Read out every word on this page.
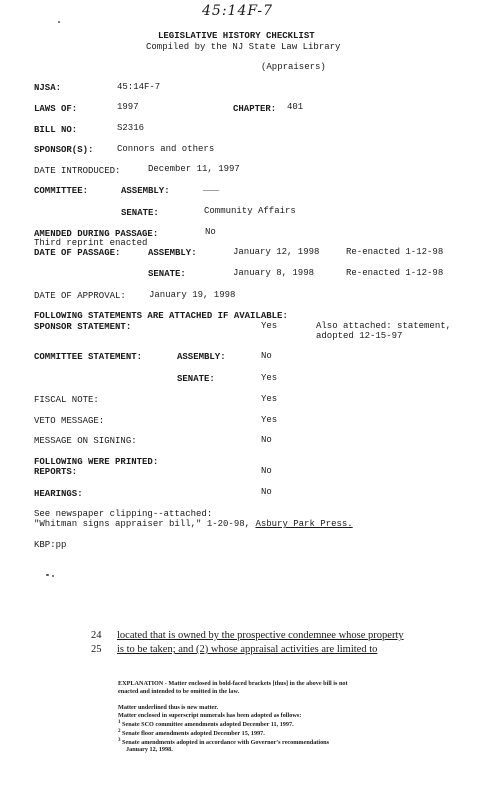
45:14F-7
LEGISLATIVE HISTORY CHECKLIST
Compiled by the NJ State Law Library
(Appraisers)
NJSA:	45:14F-7
LAWS OF:	1997	CHAPTER: 401
BILL NO:	S2316
SPONSOR(S):	Connors and others
DATE INTRODUCED:	December 11, 1997
COMMITTEE:	ASSEMBLY:	___
SENATE:	Community Affairs
AMENDED DURING PASSAGE:	No
Third reprint enacted
DATE OF PASSAGE:	ASSEMBLY:	January 12, 1998	Re-enacted 1-12-98
SENATE:	January 8, 1998	Re-enacted 1-12-98
DATE OF APPROVAL:	January 19, 1998
FOLLOWING STATEMENTS ARE ATTACHED IF AVAILABLE:
SPONSOR STATEMENT:	Yes	Also attached: statement,
adopted 12-15-97
COMMITTEE STATEMENT:	ASSEMBLY:	No
SENATE:	Yes
FISCAL NOTE:	Yes
VETO MESSAGE:	Yes
MESSAGE ON SIGNING:	No
FOLLOWING WERE PRINTED:
REPORTS:	No
HEARINGS:	No
See newspaper clipping--attached:
"Whitman signs appraiser bill," 1-20-98, Asbury Park Press.
KBP:pp
24 located that is owned by the prospective condemnee whose property
25 is to be taken; and (2) whose appraisal activities are limited to
EXPLANATION - Matter enclosed in bold-faced brackets [thus] in the above bill is not
enacted and intended to be omitted in the law.
Matter underlined thus is new matter.
Matter enclosed in superscript numerals has been adopted as follows:
$^1$ Senate SCO committee amendments adopted December 11, 1997.
$^2$ Senate floor amendments adopted December 15, 1997.
$^3$ Senate amendments adopted in accordance with Governor's recommendations
January 12, 1998.
